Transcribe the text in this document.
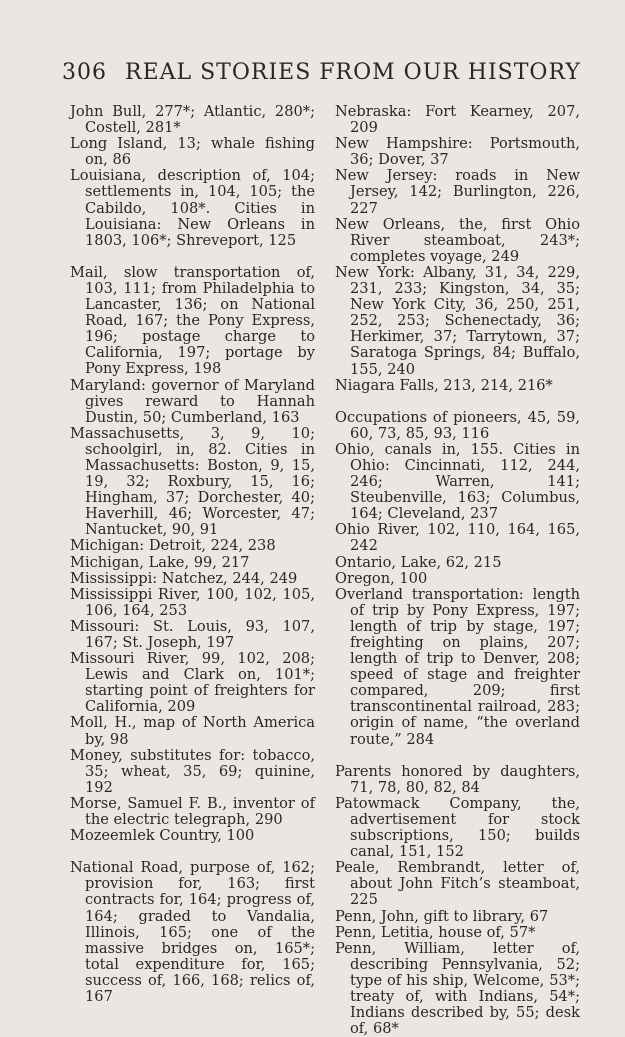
306 REAL STORIES FROM OUR HISTORY

John Bull, 277*; Atlantic, 280*; Costell, 281*

Long Island, 13; whale fishing on, 86

Louisiana, description of, 104; settlements in, 104, 105; the Cabildo, 108*. Cities in Louisiana: New Orleans in 1803, 106*; Shreveport, 125

Mail, slow transportation of, 103, 111; from Philadelphia to Lancaster, 136; on National Road, 167; the Pony Express, 196; postage charge to California, 197; portage by Pony Express, 198

Maryland: governor of Maryland gives reward to Hannah Dustin, 50; Cumberland, 163

Massachusetts, 3, 9, 10; schoolgirl, in, 82. Cities in Massachusetts: Boston, 9, 15, 19, 32; Roxbury, 15, 16; Hingham, 37; Dorchester, 40; Haverhill, 46; Worcester, 47; Nantucket, 90, 91

Michigan: Detroit, 224, 238

Michigan, Lake, 99, 217

Mississippi: Natchez, 244, 249

Mississippi River, 100, 102, 105, 106, 164, 253

Missouri: St. Louis, 93, 107, 167; St. Joseph, 197

Missouri River, 99, 102, 208; Lewis and Clark on, 101*; starting point of freighters for California, 209

Moll, H., map of North America by, 98

Money, substitutes for: tobacco, 35; wheat, 35, 69; quinine, 192

Morse, Samuel F. B., inventor of the electric telegraph, 290

Mozeemlek Country, 100

National Road, purpose of, 162; provision for, 163; first contracts for, 164; progress of, 164; graded to Vandalia, Illinois, 165; one of the massive bridges on, 165*; total expenditure for, 165; success of, 166, 168; relics of, 167

Nebraska: Fort Kearney, 207, 209

New Hampshire: Portsmouth, 36; Dover, 37

New Jersey: roads in New Jersey, 142; Burlington, 226, 227

New Orleans, the, first Ohio River steamboat, 243*; completes voyage, 249

New York: Albany, 31, 34, 229, 231, 233; Kingston, 34, 35; New York City, 36, 250, 251, 252, 253; Schenectady, 36; Herkimer, 37; Tarrytown, 37; Saratoga Springs, 84; Buffalo, 155, 240

Niagara Falls, 213, 214, 216*

Occupations of pioneers, 45, 59, 60, 73, 85, 93, 116

Ohio, canals in, 155. Cities in Ohio: Cincinnati, 112, 244, 246; Warren, 141; Steubenville, 163; Columbus, 164; Cleveland, 237

Ohio River, 102, 110, 164, 165, 242

Ontario, Lake, 62, 215

Oregon, 100

Overland transportation: length of trip by Pony Express, 197; length of trip by stage, 197; freighting on plains, 207; length of trip to Denver, 208; speed of stage and freighter compared, 209; first transcontinental railroad, 283; origin of name, “the overland route,” 284

Parents honored by daughters, 71, 78, 80, 82, 84

Patowmack Company, the, advertisement for stock subscriptions, 150; builds canal, 151, 152

Peale, Rembrandt, letter of, about John Fitch’s steamboat, 225

Penn, John, gift to library, 67

Penn, Letitia, house of, 57*

Penn, William, letter of, describing Pennsylvania, 52; type of his ship, Welcome, 53*; treaty of, with Indians, 54*; Indians described by, 55; desk of, 68*
